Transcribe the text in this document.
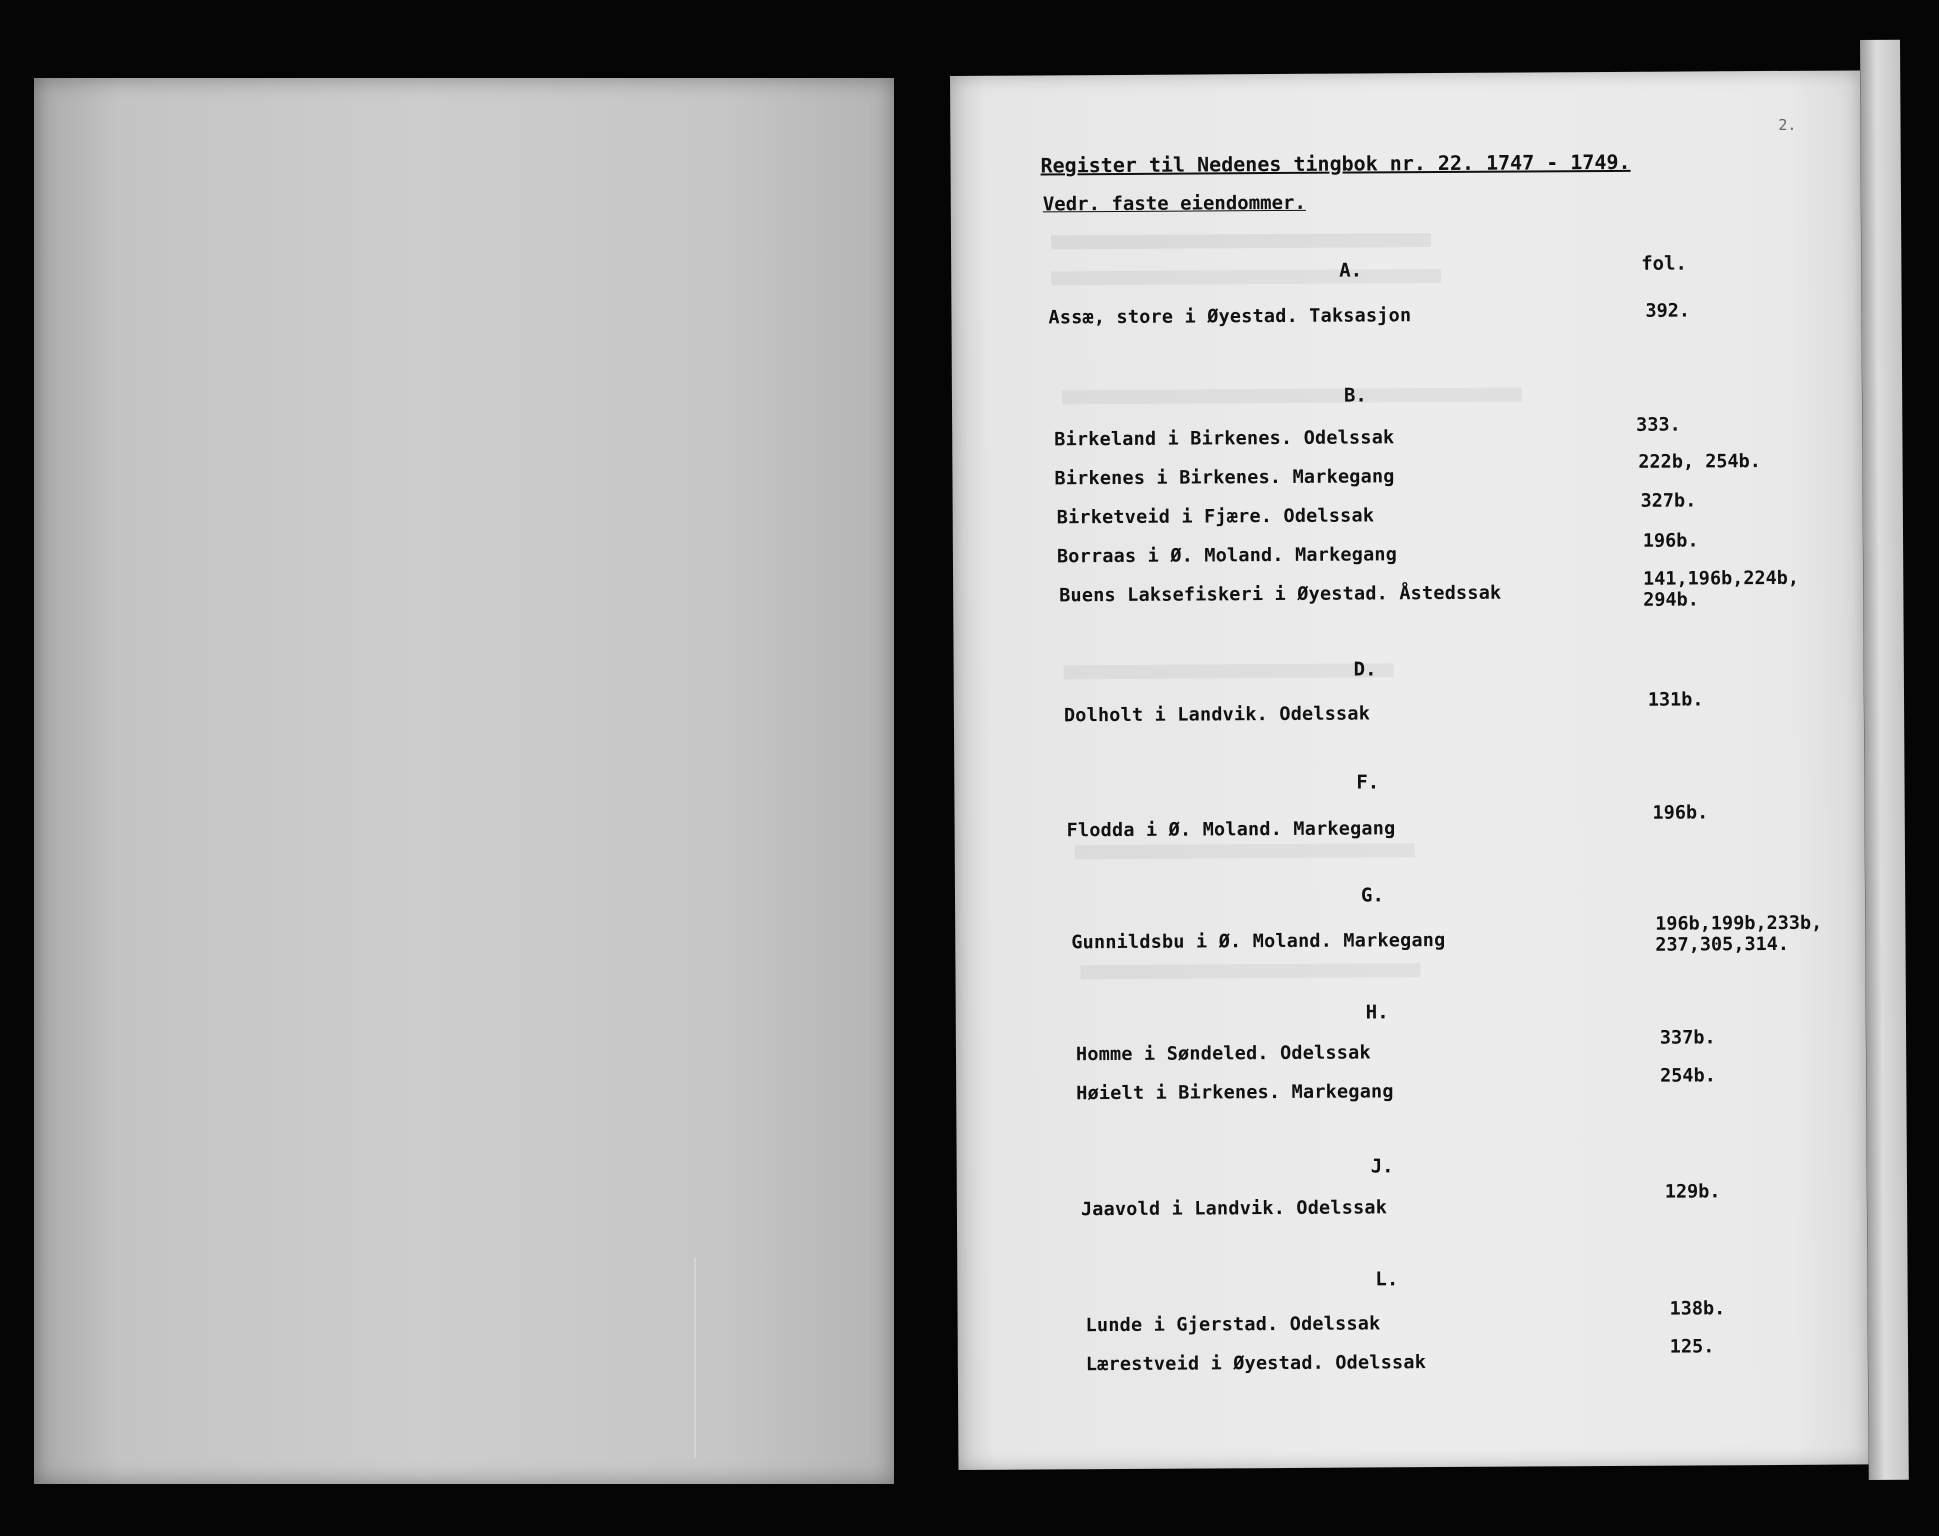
2.
Register til Nedenes tingbok nr. 22. 1747 - 1749.
Vedr. faste eiendommer.
fol.
A.
Assæ, store i Øyestad. Taksasjon	392.
B.
Birkeland i Birkenes. Odelssak
333.
Birkenes i Birkenes. Markegang
222b, 254b.
Birketveid i Fjære. Odelssak
327b.
Borraas i Ø. Moland. Markegang
196b.
Buens Laksefiskeri i Øyestad. Åstedssak
141,196b,224b,
294b.
D.
Dolholt i Landvik. Odelssak
131b.
F.
Flodda i Ø. Moland. Markegang
196b.
G.
Gunnildsbu i Ø. Moland. Markegang
196b,199b,233b,
237,305,314.
H.
Homme i Søndeled. Odelssak
337b.
Høielt i Birkenes. Markegang
254b.
J.
Jaavold i Landvik. Odelssak
129b.
L.
Lunde i Gjerstad. Odelssak
138b.
Lærestveid i Øyestad. Odelssak
125.
